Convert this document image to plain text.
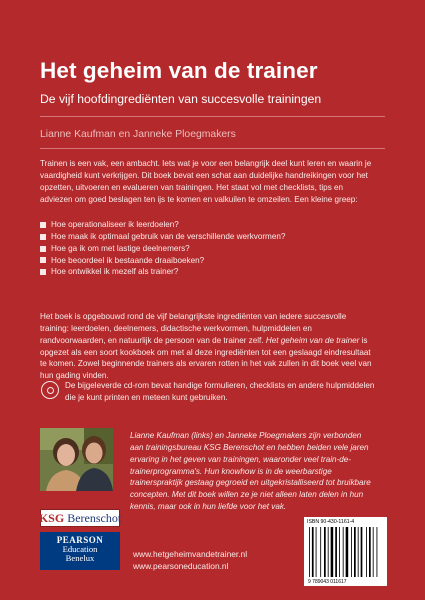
Het geheim van de trainer
De vijf hoofdingrediënten van succesvolle trainingen
Lianne Kaufman en Janneke Ploegmakers
Trainen is een vak, een ambacht. Iets wat je voor een belangrijk deel kunt leren en waarin je vaardigheid kunt verkrijgen. Dit boek bevat een schat aan duidelijke handreikingen voor het opzetten, uitvoeren en evalueren van trainingen. Het staat vol met checklists, tips en adviezen om goed beslagen ten ijs te komen en valkuilen te omzeilen. Een kleine greep:
Hoe operationaliseer ik leerdoelen?
Hoe maak ik optimaal gebruik van de verschillende werkvormen?
Hoe ga ik om met lastige deelnemers?
Hoe beoordeel ik bestaande draaiboeken?
Hoe ontwikkel ik mezelf als trainer?
Het boek is opgebouwd rond de vijf belangrijkste ingrediënten van iedere succesvolle training: leerdoelen, deelnemers, didactische werkvormen, hulpmiddelen en randvoorwaarden, en natuurlijk de persoon van de trainer zelf. Het geheim van de trainer is opgezet als een soort kookboek om met al deze ingrediënten tot een geslaagd eindresultaat te komen. Zowel beginnende trainers als ervaren rotten in het vak zullen in dit boek veel van hun gading vinden.
De bijgeleverde cd-rom bevat handige formulieren, checklists en andere hulpmiddelen die je kunt printen en meteen kunt gebruiken.
Lianne Kaufman (links) en Janneke Ploegmakers zijn verbonden aan trainingsbureau KSG Berenschot en hebben beiden vele jaren ervaring in het geven van trainingen, waaronder veel train-de-trainerprogramma's. Hun knowhow is in de weerbarstige trainerspraktijk gestaag gegroeid en uitgekristalliseerd tot bruikbare concepten. Met dit boek willen ze je niet alleen laten delen in hun kennis, maar ook in hun liefde voor het vak.
KSG Berenschot
PEARSON
Education
Benelux	www.hetgeheimvandetrainer.nl
www.pearsoneducation.nl
ISBN 90-430-1161-4
9 789043 011617
